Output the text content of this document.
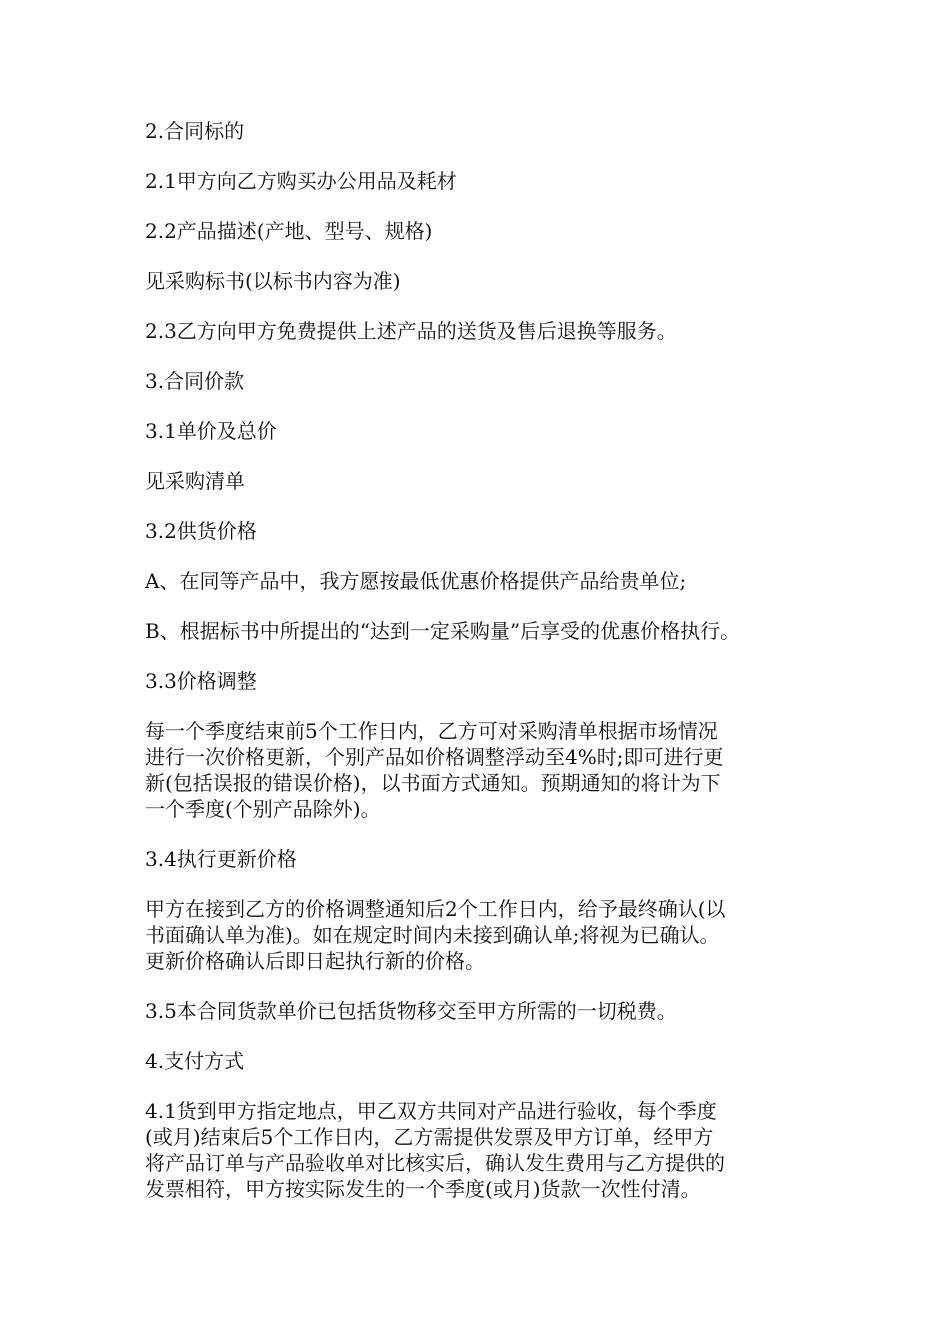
2.合同标的

2.1甲方向乙方购买办公用品及耗材

2.2产品描述(产地、型号、规格)

见采购标书(以标书内容为准)

2.3乙方向甲方免费提供上述产品的送货及售后退换等服务。

3.合同价款

3.1单价及总价

见采购清单

3.2供货价格

A、在同等产品中，我方愿按最低优惠价格提供产品给贵单位;

B、根据标书中所提出的“达到一定采购量”后享受的优惠价格执行。

3.3价格调整

每一个季度结束前5个工作日内，乙方可对采购清单根据市场情况
进行一次价格更新，个别产品如价格调整浮动至4%时;即可进行更
新(包括误报的错误价格)，以书面方式通知。预期通知的将计为下
一个季度(个别产品除外)。

3.4执行更新价格

甲方在接到乙方的价格调整通知后2个工作日内，给予最终确认(以
书面确认单为准)。如在规定时间内未接到确认单;将视为已确认。
更新价格确认后即日起执行新的价格。

3.5本合同货款单价已包括货物移交至甲方所需的一切税费。

4.支付方式

4.1货到甲方指定地点，甲乙双方共同对产品进行验收，每个季度
(或月)结束后5个工作日内，乙方需提供发票及甲方订单，经甲方
将产品订单与产品验收单对比核实后，确认发生费用与乙方提供的
发票相符，甲方按实际发生的一个季度(或月)货款一次性付清。
